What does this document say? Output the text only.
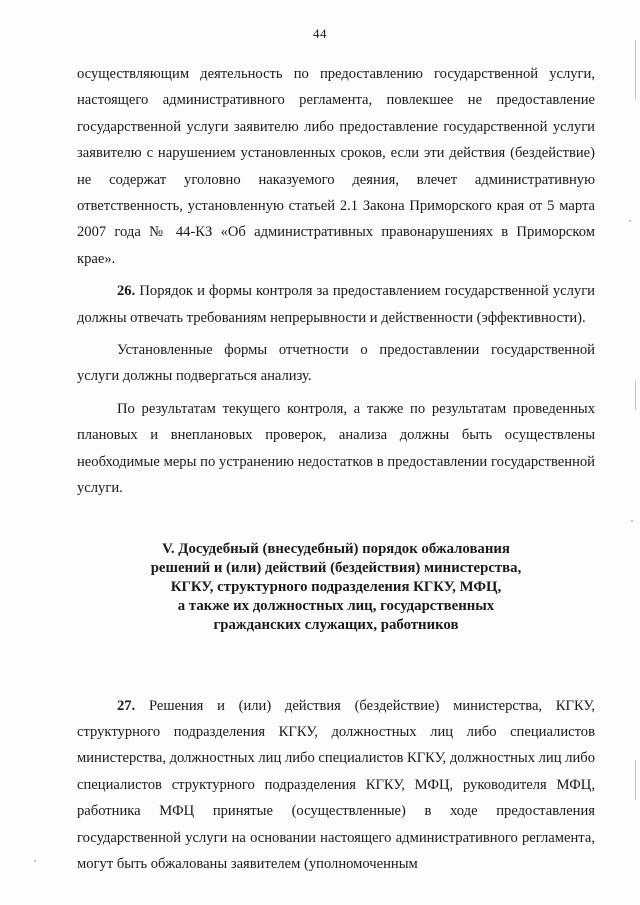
44

осуществляющим деятельность по предоставлению государственной услуги, настоящего административного регламента, повлекшее не предоставление государственной услуги заявителю либо предоставление государственной услуги заявителю с нарушением установленных сроков, если эти действия (бездействие) не содержат уголовно наказуемого деяния, влечет административную ответственность, установленную статьей 2.1 Закона Приморского края от 5 марта 2007 года № 44-КЗ «Об административных правонарушениях в Приморском крае».

26. Порядок и формы контроля за предоставлением государственной услуги должны отвечать требованиям непрерывности и действенности (эффективности).

Установленные формы отчетности о предоставлении государственной услуги должны подвергаться анализу.

По результатам текущего контроля, а также по результатам проведенных плановых и внеплановых проверок, анализа должны быть осуществлены необходимые меры по устранению недостатков в предоставлении государственной услуги.

V. Досудебный (внесудебный) порядок обжалования
решений и (или) действий (бездействия) министерства,
КГКУ, структурного подразделения КГКУ, МФЦ,
а также их должностных лиц, государственных
гражданских служащих, работников

27. Решения и (или) действия (бездействие) министерства, КГКУ, структурного подразделения КГКУ, должностных лиц либо специалистов министерства, должностных лиц либо специалистов КГКУ, должностных лиц либо специалистов структурного подразделения КГКУ, МФЦ, руководителя МФЦ, работника МФЦ принятые (осуществленные) в ходе предоставления государственной услуги на основании настоящего административного регламента, могут быть обжалованы заявителем (уполномоченным
